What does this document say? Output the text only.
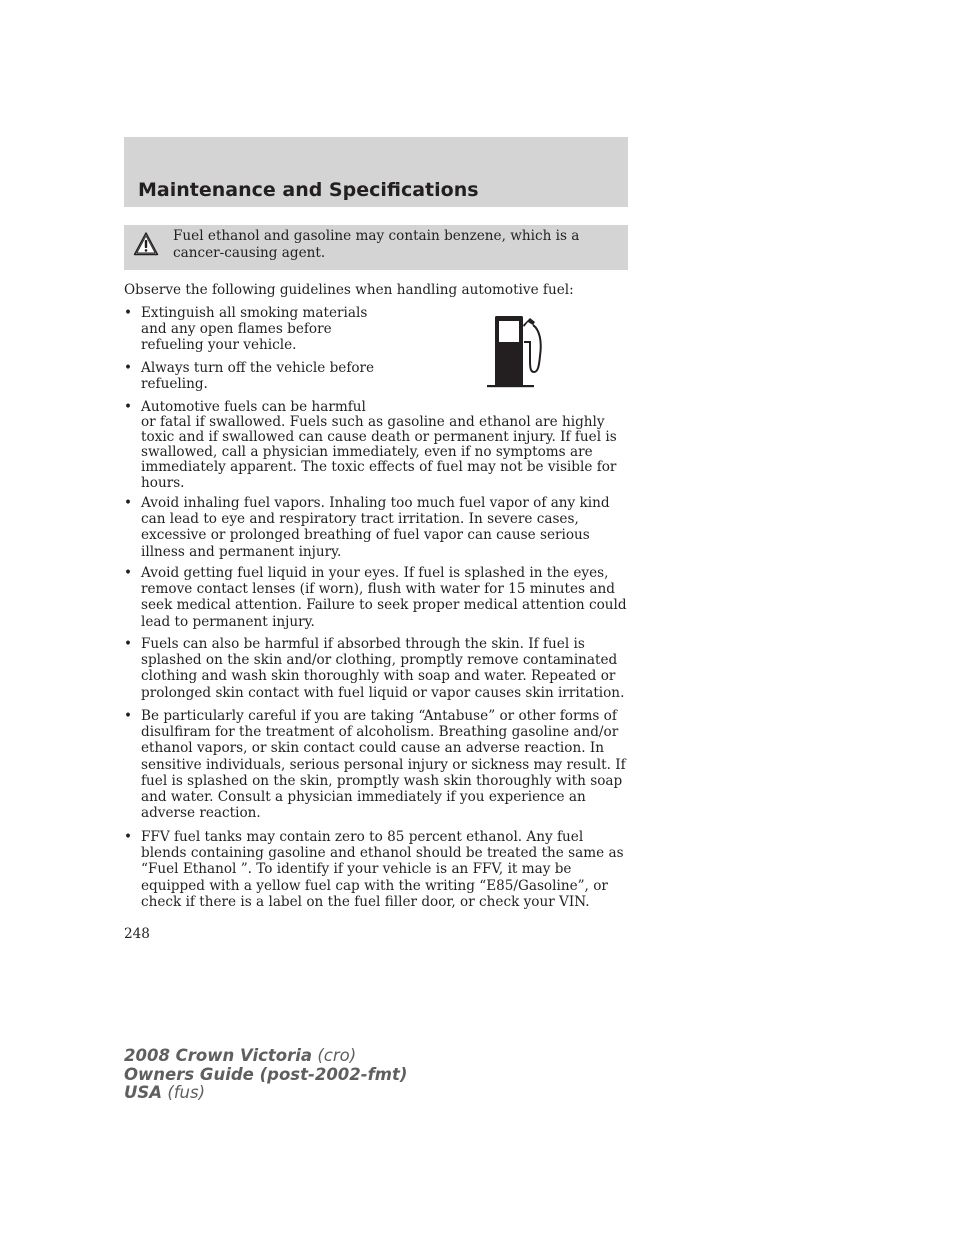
Maintenance and Specifications
Fuel ethanol and gasoline may contain benzene, which is a cancer-causing agent.
Observe the following guidelines when handling automotive fuel:
• Extinguish all smoking materials and any open flames before refueling your vehicle.
• Always turn off the vehicle before refueling.
• Automotive fuels can be harmful
or fatal if swallowed. Fuels such as gasoline and ethanol are highly toxic and if swallowed can cause death or permanent injury. If fuel is swallowed, call a physician immediately, even if no symptoms are immediately apparent. The toxic effects of fuel may not be visible for hours.
• Avoid inhaling fuel vapors. Inhaling too much fuel vapor of any kind can lead to eye and respiratory tract irritation. In severe cases, excessive or prolonged breathing of fuel vapor can cause serious illness and permanent injury.
• Avoid getting fuel liquid in your eyes. If fuel is splashed in the eyes, remove contact lenses (if worn), flush with water for 15 minutes and seek medical attention. Failure to seek proper medical attention could lead to permanent injury.
• Fuels can also be harmful if absorbed through the skin. If fuel is splashed on the skin and/or clothing, promptly remove contaminated clothing and wash skin thoroughly with soap and water. Repeated or prolonged skin contact with fuel liquid or vapor causes skin irritation.
• Be particularly careful if you are taking “Antabuse” or other forms of disulfiram for the treatment of alcoholism. Breathing gasoline and/or ethanol vapors, or skin contact could cause an adverse reaction. In sensitive individuals, serious personal injury or sickness may result. If fuel is splashed on the skin, promptly wash skin thoroughly with soap and water. Consult a physician immediately if you experience an adverse reaction.
• FFV fuel tanks may contain zero to 85 percent ethanol. Any fuel blends containing gasoline and ethanol should be treated the same as “Fuel Ethanol ”. To identify if your vehicle is an FFV, it may be equipped with a yellow fuel cap with the writing “E85/Gasoline”, or check if there is a label on the fuel filler door, or check your VIN.
248
2008 Crown Victoria (cro)
Owners Guide (post-2002-fmt)
USA (fus)
